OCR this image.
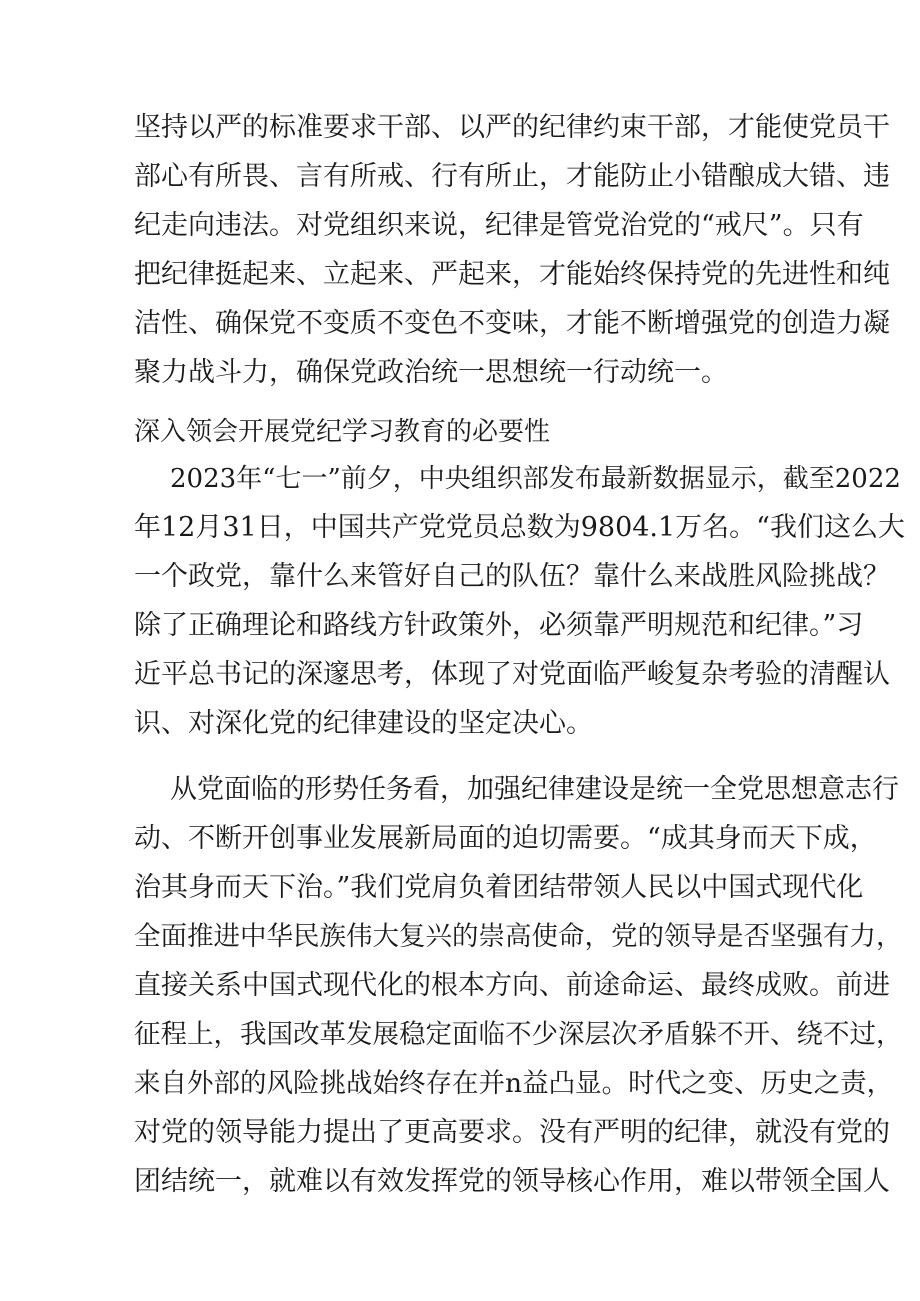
坚持以严的标准要求干部、以严的纪律约束干部，才能使党员干

部心有所畏、言有所戒、行有所止，才能防止小错酿成大错、违

纪走向违法。对党组织来说，纪律是管党治党的“戒尺”。只有

把纪律挺起来、立起来、严起来，才能始终保持党的先进性和纯

洁性、确保党不变质不变色不变味，才能不断增强党的创造力凝

聚力战斗力，确保党政治统一思想统一行动统一。

深入领会开展党纪学习教育的必要性

2023年“七一”前夕，中央组织部发布最新数据显示，截至2022

年12月31日，中国共产党党员总数为9804.1万名。“我们这么大

一个政党，靠什么来管好自己的队伍？靠什么来战胜风险挑战？

除了正确理论和路线方针政策外，必须靠严明规范和纪律。”习

近平总书记的深邃思考，体现了对党面临严峻复杂考验的清醒认

识、对深化党的纪律建设的坚定决心。

从党面临的形势任务看，加强纪律建设是统一全党思想意志行

动、不断开创事业发展新局面的迫切需要。“成其身而天下成，

治其身而天下治。”我们党肩负着团结带领人民以中国式现代化

全面推进中华民族伟大复兴的崇高使命，党的领导是否坚强有力，

直接关系中国式现代化的根本方向、前途命运、最终成败。前进

征程上，我国改革发展稳定面临不少深层次矛盾躲不开、绕不过，

来自外部的风险挑战始终存在并n益凸显。时代之变、历史之责，

对党的领导能力提出了更高要求。没有严明的纪律，就没有党的

团结统一，就难以有效发挥党的领导核心作用，难以带领全国人
